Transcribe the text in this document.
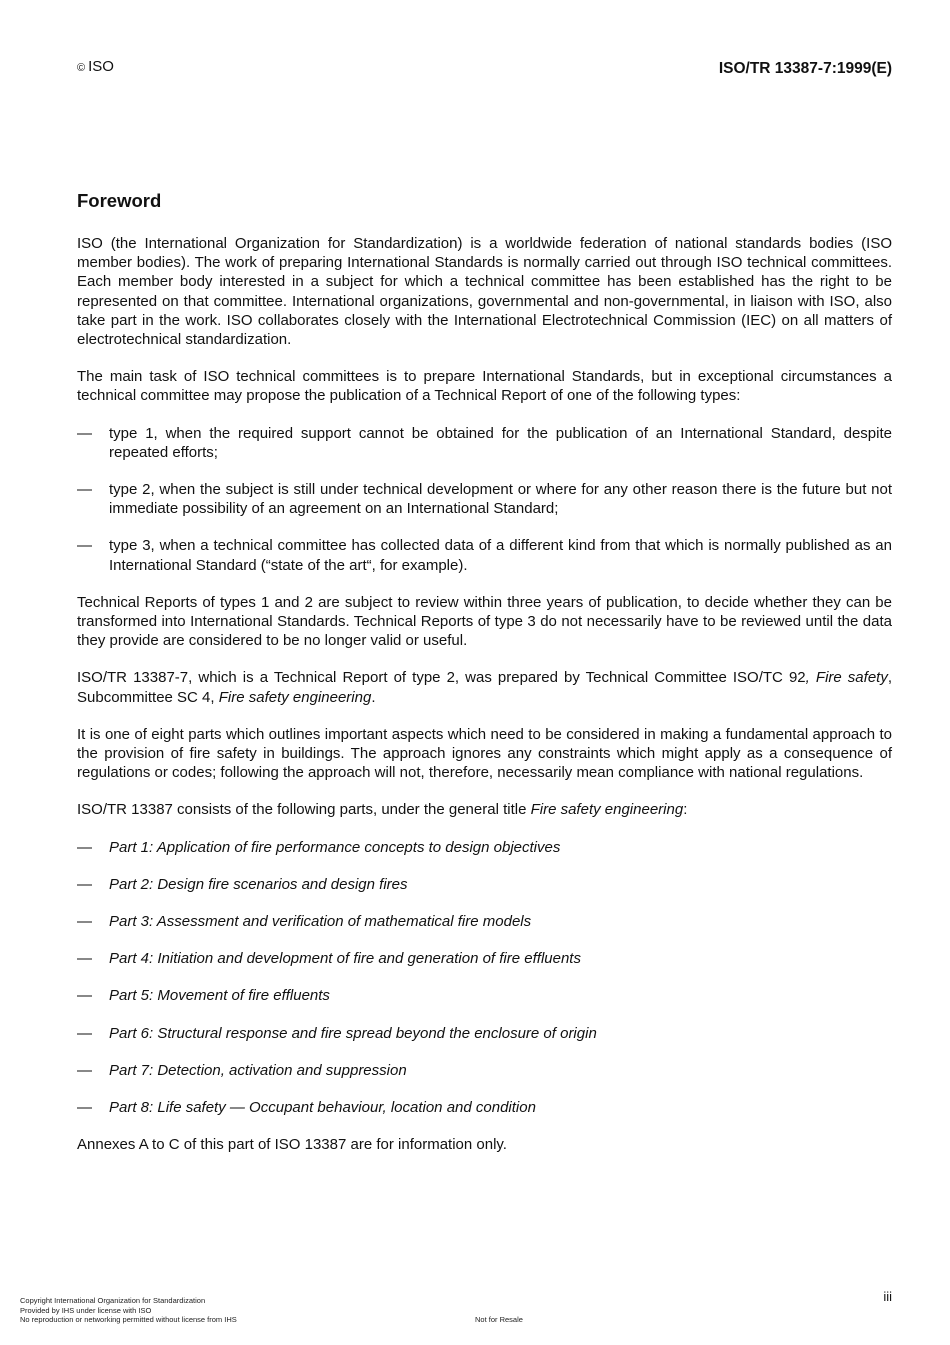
© ISO	ISO/TR 13387-7:1999(E)
Foreword

ISO (the International Organization for Standardization) is a worldwide federation of national standards bodies (ISO member bodies). The work of preparing International Standards is normally carried out through ISO technical committees. Each member body interested in a subject for which a technical committee has been established has the right to be represented on that committee. International organizations, governmental and non-governmental, in liaison with ISO, also take part in the work. ISO collaborates closely with the International Electrotechnical Commission (IEC) on all matters of electrotechnical standardization.

The main task of ISO technical committees is to prepare International Standards, but in exceptional circumstances a technical committee may propose the publication of a Technical Report of one of the following types:

—	type 1, when the required support cannot be obtained for the publication of an International Standard, despite repeated efforts;
—	type 2, when the subject is still under technical development or where for any other reason there is the future but not immediate possibility of an agreement on an International Standard;
—	type 3, when a technical committee has collected data of a different kind from that which is normally published as an International Standard (“state of the art“, for example).

Technical Reports of types 1 and 2 are subject to review within three years of publication, to decide whether they can be transformed into International Standards. Technical Reports of type 3 do not necessarily have to be reviewed until the data they provide are considered to be no longer valid or useful.

ISO/TR 13387-7, which is a Technical Report of type 2, was prepared by Technical Committee ISO/TC 92, Fire safety, Subcommittee SC 4, Fire safety engineering.

It is one of eight parts which outlines important aspects which need to be considered in making a fundamental approach to the provision of fire safety in buildings. The approach ignores any constraints which might apply as a consequence of regulations or codes; following the approach will not, therefore, necessarily mean compliance with national regulations.

ISO/TR 13387 consists of the following parts, under the general title Fire safety engineering:

—	Part 1: Application of fire performance concepts to design objectives
—	Part 2: Design fire scenarios and design fires
—	Part 3: Assessment and verification of mathematical fire models
—	Part 4: Initiation and development of fire and generation of fire effluents
—	Part 5: Movement of fire effluents
—	Part 6: Structural response and fire spread beyond the enclosure of origin
—	Part 7: Detection, activation and suppression
—	Part 8: Life safety — Occupant behaviour, location and condition

Annexes A to C of this part of ISO 13387 are for information only.

iii
Copyright International Organization for Standardization
Provided by IHS under license with ISO
No reproduction or networking permitted without license from IHS	Not for Resale
